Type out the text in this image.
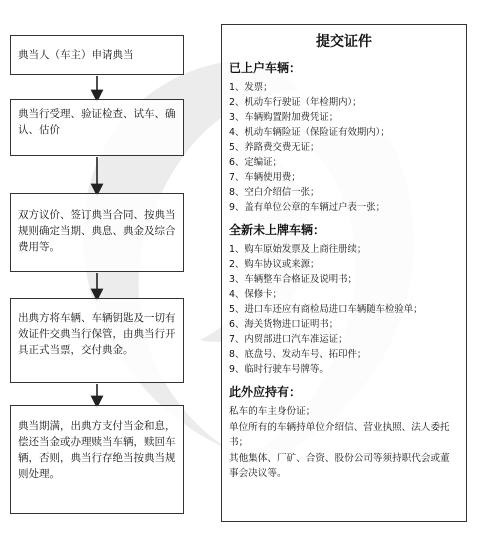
典当人（车主）申请典当
典当行受理、验证检查、试车、确认、估价
双方议价、签订典当合同、按典当规则确定当期、典息、典金及综合费用等。
出典方将车辆、车辆钥匙及一切有效证件交典当行保管，由典当行开具正式当票，交付典金。
典当期满，出典方支付当金和息，偿还当金或办理赎当车辆，赎回车辆，否则，典当行存绝当按典当规则处理。
提交证件
已上户车辆：
1、发票；
2、机动车行驶证（年检期内）；
3、车辆购置附加费凭证；
4、机动车辆险证（保险证有效期内）；
5、养路费交费无证；
6、定编证；
7、车辆使用费；
8、空白介绍信一张；
9、盖有单位公章的车辆过户表一张；
全新未上牌车辆：
1、购车原始发票及上商往册续；
2、购车协议或来源；
3、车辆整车合格证及说明书；
4、保修卡；
5、进口车还应有商检局进口车辆随车检验单；
6、海关货物进口证明书；
7、内贸部进口汽车准运证；
8、底盘号、发动车号、拓印件；
9、临时行驶车号牌等。
此外应持有：

私车的车主身份证；

单位所有的车辆持单位介绍信、营业执照、法人委托书；

其他集体、厂矿、合资、股份公司等须持职代会或董事会决议等。
